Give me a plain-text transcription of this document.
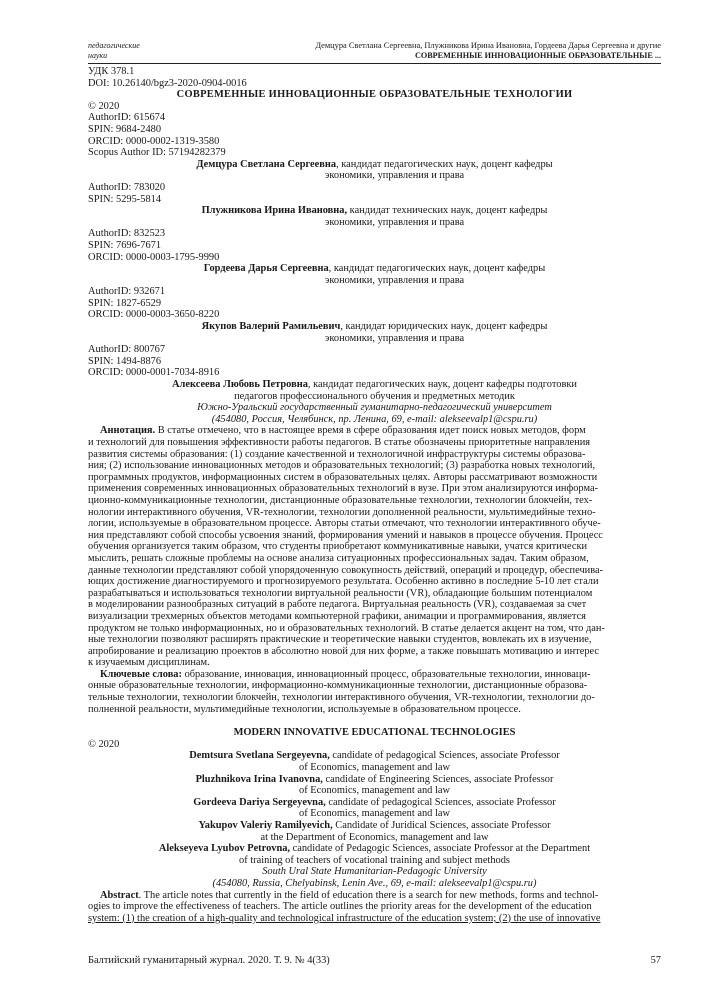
педагогические
науки
Демцура Светлана Сергеевна, Плужникова Ирина Ивановна, Гордеева Дарья Сергеевна и другие
СОВРЕМЕННЫЕ ИННОВАЦИОННЫЕ ОБРАЗОВАТЕЛЬНЫЕ ...
УДК 378.1
DOI: 10.26140/bgz3-2020-0904-0016
СОВРЕМЕННЫЕ ИННОВАЦИОННЫЕ ОБРАЗОВАТЕЛЬНЫЕ ТЕХНОЛОГИИ
© 2020
AuthorID: 615674
SPIN: 9684-2480
ORCID: 0000-0002-1319-3580
Scopus Author ID: 57194282379
Демцура Светлана Сергеевна, кандидат педагогических наук, доцент кафедры
экономики, управления и права
AuthorID: 783020
SPIN: 5295-5814
Плужникова Ирина Ивановна, кандидат технических наук, доцент кафедры
экономики, управления и права
AuthorID: 832523
SPIN: 7696-7671
ORCID: 0000-0003-1795-9990
Гордеева Дарья Сергеевна, кандидат педагогических наук, доцент кафедры
экономики, управления и права
AuthorID: 932671
SPIN: 1827-6529
ORCID: 0000-0003-3650-8220
Якупов Валерий Рамильевич, кандидат юридических наук, доцент кафедры
экономики, управления и права
AuthorID: 800767
SPIN: 1494-8876
ORCID: 0000-0001-7034-8916
Алексеева Любовь Петровна, кандидат педагогических наук, доцент кафедры подготовки
педагогов профессионального обучения и предметных методик
Южно-Уральский государственный гуманитарно-педагогический университет
(454080, Россия, Челябинск, пр. Ленина, 69, e-mail: alekseevalp1@cspu.ru)
Аннотация. В статье отмечено, что в настоящее время в сфере образования идет поиск новых методов, форм
и технологий для повышения эффективности работы педагогов. В статье обозначены приоритетные направления
развития системы образования: (1) создание качественной и технологичной инфраструктуры системы образова-
ния; (2) использование инновационных методов и образовательных технологий; (3) разработка новых технологий,
программных продуктов, информационных систем в образовательных целях. Авторы рассматривают возможности
применения современных инновационных образовательных технологий в вузе. При этом анализируются информа-
ционно-коммуникационные технологии, дистанционные образовательные технологии, технологии блокчейн, тех-
нологии интерактивного обучения, VR-технологии, технологии дополненной реальности, мультимедийные техно-
логии, используемые в образовательном процессе. Авторы статьи отмечают, что технологии интерактивного обуче-
ния представляют собой способы усвоения знаний, формирования умений и навыков в процессе обучения. Процесс
обучения организуется таким образом, что студенты приобретают коммуникативные навыки, учатся критически
мыслить, решать сложные проблемы на основе анализа ситуационных профессиональных задач. Таким образом,
данные технологии представляют собой упорядоченную совокупность действий, операций и процедур, обеспечива-
ющих достижение диагностируемого и прогнозируемого результата. Особенно активно в последние 5-10 лет стали
разрабатываться и использоваться технологии виртуальной реальности (VR), обладающие большим потенциалом
в моделировании разнообразных ситуаций в работе педагога. Виртуальная реальность (VR), создаваемая за счет
визуализации трехмерных объектов методами компьютерной графики, анимации и программирования, является
продуктом не только информационных, но и образовательных технологий. В статье делается акцент на том, что дан-
ные технологии позволяют расширять практические и теоретические навыки студентов, вовлекать их в изучение,
апробирование и реализацию проектов в абсолютно новой для них форме, а также повышать мотивацию и интерес
к изучаемым дисциплинам.
Ключевые слова: образование, инновация, инновационный процесс, образовательные технологии, инноваци-
онные образовательные технологии, информационно-коммуникационные технологии, дистанционные образова-
тельные технологии, технологии блокчейн, технологии интерактивного обучения, VR-технологии, технологии до-
полненной реальности, мультимедийные технологии, используемые в образовательном процессе.
MODERN INNOVATIVE EDUCATIONAL TECHNOLOGIES
© 2020
Demtsura Svetlana Sergeyevna, candidate of pedagogical Sciences, associate Professor
of Economics, management and law
Pluzhnikova Irina Ivanovna, candidate of Engineering Sciences, associate Professor
of Economics, management and law
Gordeeva Dariya Sergeyevna, candidate of pedagogical Sciences, associate Professor
of Economics, management and law
Yakupov Valeriy Ramilyevich, Candidate of Juridical Sciences, associate Professor
at the Department of Economics, management and law
Alekseyeva Lyubov Petrovna, candidate of Pedagogic Sciences, associate Professor at the Department
of training of teachers of vocational training and subject methods
South Ural State Humanitarian-Pedagogic University
(454080, Russia, Chelyabinsk, Lenin Ave., 69, e-mail: alekseevalp1@cspu.ru)
Abstract. The article notes that currently in the field of education there is a search for new methods, forms and technol-
ogies to improve the effectiveness of teachers. The article outlines the priority areas for the development of the education
system: (1) the creation of a high-quality and technological infrastructure of the education system; (2) the use of innovative
Балтийский гуманитарный журнал. 2020. Т. 9. № 4(33)	57
